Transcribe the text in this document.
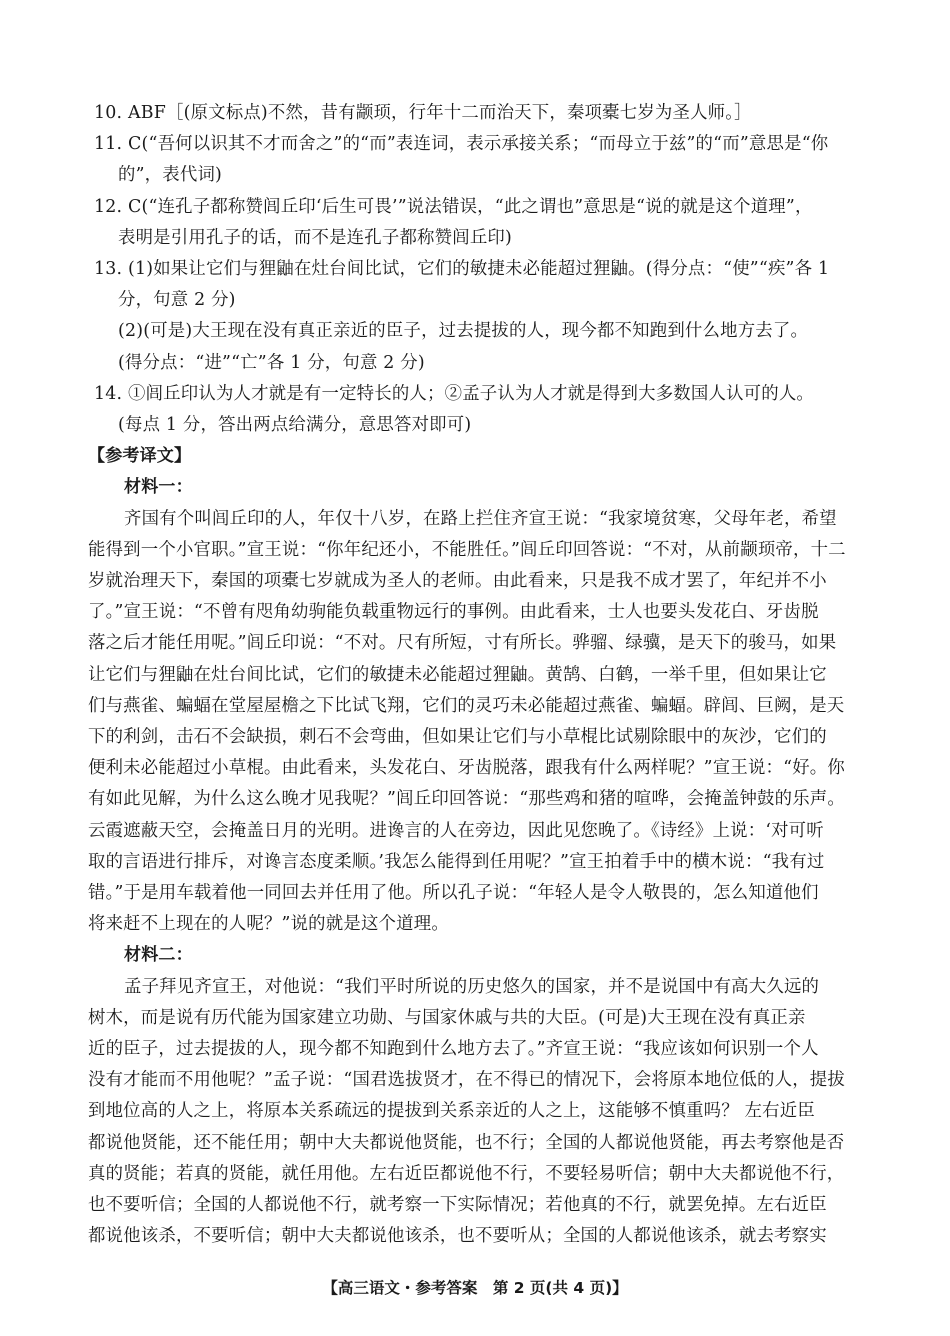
10. ABF［(原文标点)不然，昔有颛顼，行年十二而治天下，秦项橐七岁为圣人师。］
11. C(“吾何以识其不才而舍之”的“而”表连词，表示承接关系；“而母立于兹”的“而”意思是“你
的”，表代词)
12. C(“连孔子都称赞闾丘印‘后生可畏’”说法错误，“此之谓也”意思是“说的就是这个道理”，
表明是引用孔子的话，而不是连孔子都称赞闾丘印)
13. (1)如果让它们与狸鼬在灶台间比试，它们的敏捷未必能超过狸鼬。(得分点：“使”“疾”各 1
分，句意 2 分)
(2)(可是)大王现在没有真正亲近的臣子，过去提拔的人，现今都不知跑到什么地方去了。
(得分点：“进”“亡”各 1 分，句意 2 分)
14. ①闾丘印认为人才就是有一定特长的人；②孟子认为人才就是得到大多数国人认可的人。
(每点 1 分，答出两点给满分，意思答对即可)
【参考译文】
材料一：
齐国有个叫闾丘印的人，年仅十八岁，在路上拦住齐宣王说：“我家境贫寒，父母年老，希望
能得到一个小官职。”宣王说：“你年纪还小，不能胜任。”闾丘印回答说：“不对，从前颛顼帝，十二
岁就治理天下，秦国的项橐七岁就成为圣人的老师。由此看来，只是我不成才罢了，年纪并不小
了。”宣王说：“不曾有咫角幼驹能负载重物远行的事例。由此看来，士人也要头发花白、牙齿脱
落之后才能任用呢。”闾丘印说：“不对。尺有所短，寸有所长。骅骝、绿骥，是天下的骏马，如果
让它们与狸鼬在灶台间比试，它们的敏捷未必能超过狸鼬。黄鹄、白鹤，一举千里，但如果让它
们与燕雀、蝙蝠在堂屋屋檐之下比试飞翔，它们的灵巧未必能超过燕雀、蝙蝠。辟闾、巨阙，是天
下的利剑，击石不会缺损，刺石不会弯曲，但如果让它们与小草棍比试剔除眼中的灰沙，它们的
便利未必能超过小草棍。由此看来，头发花白、牙齿脱落，跟我有什么两样呢？”宣王说：“好。你
有如此见解，为什么这么晚才见我呢？”闾丘印回答说：“那些鸡和猪的喧哗，会掩盖钟鼓的乐声。
云霞遮蔽天空，会掩盖日月的光明。进谗言的人在旁边，因此见您晚了。《诗经》上说：‘对可听
取的言语进行排斥，对谗言态度柔顺。’我怎么能得到任用呢？”宣王拍着手中的横木说：“我有过
错。”于是用车载着他一同回去并任用了他。所以孔子说：“年轻人是令人敬畏的，怎么知道他们
将来赶不上现在的人呢？”说的就是这个道理。
材料二：
孟子拜见齐宣王，对他说：“我们平时所说的历史悠久的国家，并不是说国中有高大久远的
树木，而是说有历代能为国家建立功勋、与国家休戚与共的大臣。(可是)大王现在没有真正亲
近的臣子，过去提拔的人，现今都不知跑到什么地方去了。”齐宣王说：“我应该如何识别一个人
没有才能而不用他呢？”孟子说：“国君选拔贤才，在不得已的情况下，会将原本地位低的人，提拔
到地位高的人之上，将原本关系疏远的提拔到关系亲近的人之上，这能够不慎重吗？ 左右近臣
都说他贤能，还不能任用；朝中大夫都说他贤能，也不行；全国的人都说他贤能，再去考察他是否
真的贤能；若真的贤能，就任用他。左右近臣都说他不行，不要轻易听信；朝中大夫都说他不行，
也不要听信；全国的人都说他不行，就考察一下实际情况；若他真的不行，就罢免掉。左右近臣
都说他该杀，不要听信；朝中大夫都说他该杀，也不要听从；全国的人都说他该杀，就去考察实
【高三语文・参考答案　第 2 页(共 4 页)】
